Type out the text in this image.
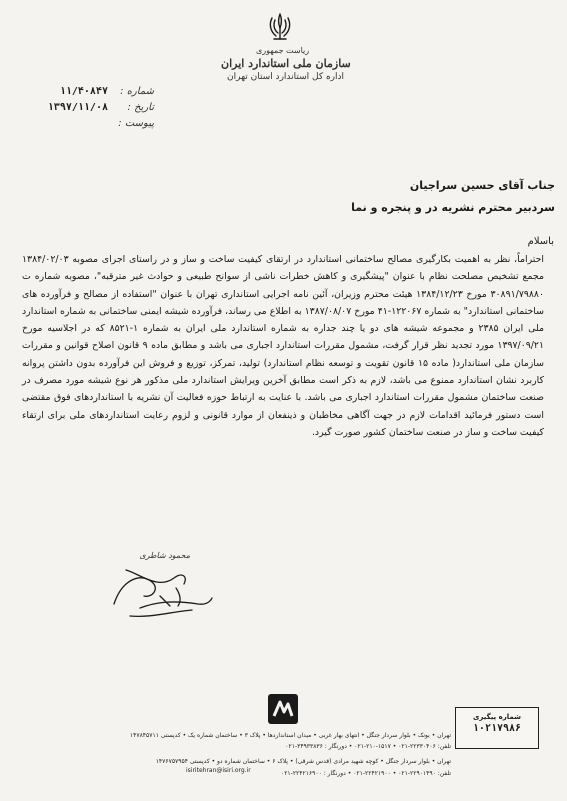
ریاست جمهوری
سازمان ملی استاندارد ایران
اداره کل استاندارد استان تهران
شماره :
تاریخ :
پیوست :
۱۱/۴۰۸۴۷
۱۳۹۷/۱۱/۰۸

جناب آقای حسین سراجیان
سردبیر محترم نشریه در و پنجره و نما
باسلام

احتراماً، نظر به اهمیت بکارگیری مصالح ساختمانی استاندارد در ارتقای کیفیت ساخت و ساز و در راستای اجرای مصوبه ۱۳۸۴/۰۲/۰۳ مجمع تشخیص مصلحت نظام با عنوان "پیشگیری و کاهش خطرات ناشی از سوانح طبیعی و حوادث غیر مترقبه"، مصوبه شماره ت ۳۰۸۹۱/۷۹۸۸۰ مورخ ۱۳۸۴/۱۲/۲۳ هیئت محترم وزیران، آئین نامه اجرایی استانداری تهران با عنوان "استفاده از مصالح و فرآورده های ساختمانی استاندارد" به شماره ۱۲۲۰۶۷-۴۱ مورخ ۱۳۸۷/۰۸/۰۷ به اطلاع می رساند، فرآورده شیشه ایمنی ساختمانی به شماره استاندارد ملی ایران ۲۳۸۵ و مجموعه شیشه های دو یا چند جداره به شماره استاندارد ملی ایران به شماره ۱-۸۵۲۱ که در اجلاسیه مورخ ۱۳۹۷/۰۹/۲۱ مورد تجدید نظر قرار گرفت، مشمول مقررات استاندارد اجباری می باشد و مطابق ماده ۹ قانون اصلاح قوانین و مقررات سازمان ملی استاندارد( ماده ۱۵ قانون تقویت و توسعه نظام استاندارد) تولید، تمرکز، توزیع و فروش این فرآورده بدون داشتن پروانه کاربرد نشان استاندارد ممنوع می باشد، لازم به ذکر است مطابق آخرین ویرایش استاندارد ملی مذکور هر نوع شیشه مورد مصرف در صنعت ساختمان مشمول مقررات استاندارد اجباری می باشد. با عنایت به ارتباط حوزه فعالیت آن نشریه با استانداردهای فوق مقتضی است دستور فرمائید اقدامات لازم در جهت آگاهی مخاطبان و ذینفعان از موارد قانونی و لزوم رعایت استانداردهای ملی برای ارتقاء کیفیت ساخت و ساز در صنعت ساختمان کشور صورت گیرد.

محمود شاطری
تهران • بونک • بلوار سردار جنگل • انتهای بهار غربی • میدان استانداردها • پلاک ۳ • ساختمان شماره یک • کدپستی ۱۴۷۸۴۵۷۱۱
تلفن: ۲۲۳۳۰۴۰۶-۰۲۱ • ۱۵۱۷-۲۱۰-۰۲۱ • دورنگار : ۳۴۹۳۳۸۳۶-۰۲۱
تهران • بلوار سردار جنگل • کوچه شهید مرادی (قدس شرقی) • پلاک ۶ • ساختمان شماره دو • کدپستی ۱۴۷۶۷۵۷۹۵۴
تلفن: ۲۲۹۰۱۴۹۰-۰۲۱ • ۲۲۴۲۱۹۰۰-۰۲۱ • دورنگار : ۲۲۴۲۱۶۹۰۰-۰۲۱
isiritehran@isiri.org.ir
شماره پیگیری
۱۰۲۱۷۹۸۶
